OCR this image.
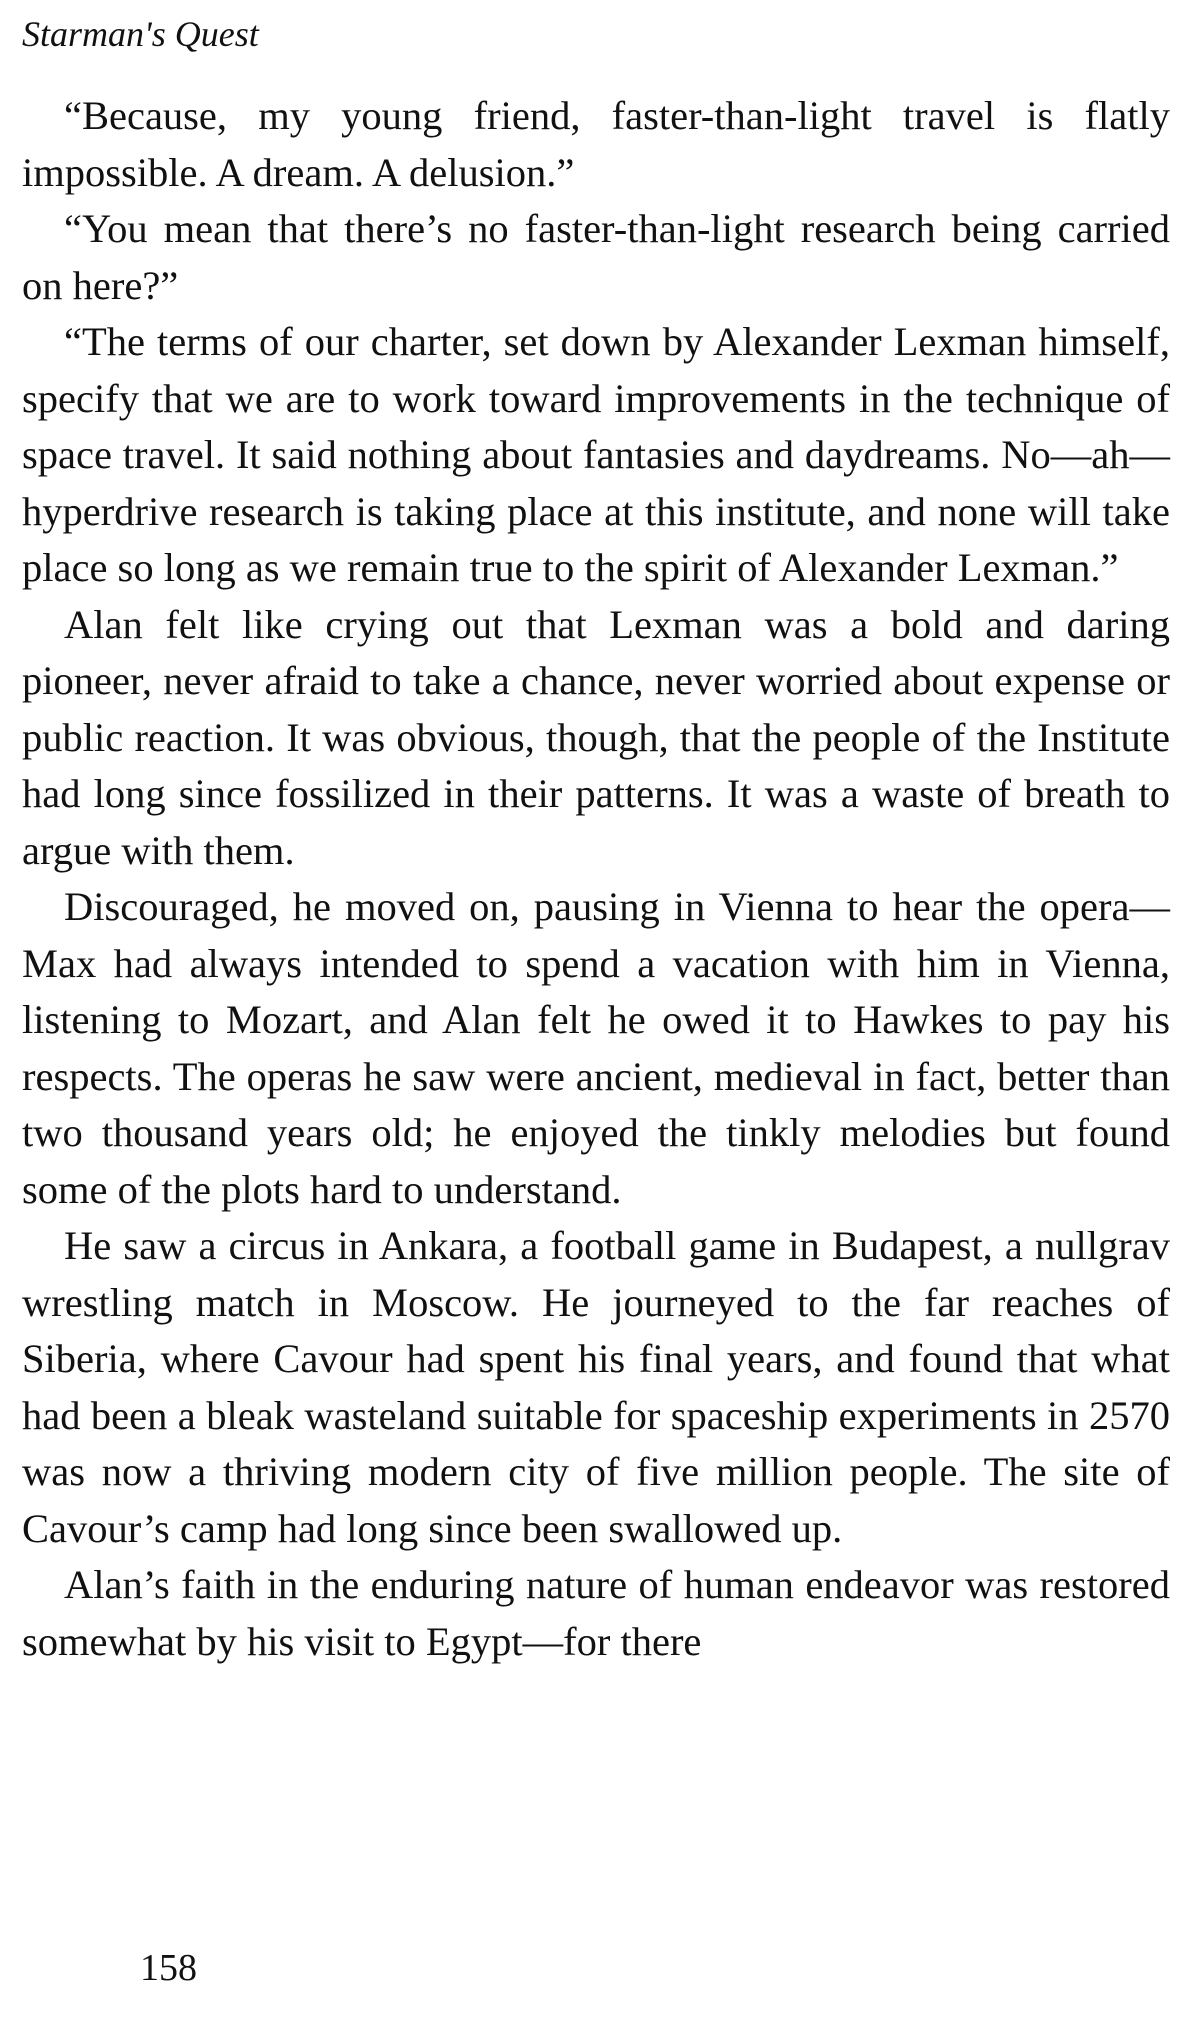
Starman's Quest

“Because, my young friend, faster-than-light travel is flatly impossible. A dream. A delusion.”

“You mean that there’s no faster-than-light research being carried on here?”

“The terms of our charter, set down by Alexander Lexman himself, specify that we are to work toward improvements in the technique of space travel. It said nothing about fantasies and daydreams. No—ah—hyperdrive research is taking place at this institute, and none will take place so long as we remain true to the spirit of Alexander Lexman.”

Alan felt like crying out that Lexman was a bold and daring pioneer, never afraid to take a chance, never worried about expense or public reaction. It was obvious, though, that the people of the Institute had long since fossilized in their patterns. It was a waste of breath to argue with them.

Discouraged, he moved on, pausing in Vienna to hear the opera—Max had always intended to spend a vacation with him in Vienna, listening to Mozart, and Alan felt he owed it to Hawkes to pay his respects. The operas he saw were ancient, medieval in fact, better than two thousand years old; he enjoyed the tinkly melodies but found some of the plots hard to understand.

He saw a circus in Ankara, a football game in Budapest, a nullgrav wrestling match in Moscow. He journeyed to the far reaches of Siberia, where Cavour had spent his final years, and found that what had been a bleak wasteland suitable for spaceship experiments in 2570 was now a thriving modern city of five million people. The site of Cavour’s camp had long since been swallowed up.

Alan’s faith in the enduring nature of human endeavor was restored somewhat by his visit to Egypt—for there

158
